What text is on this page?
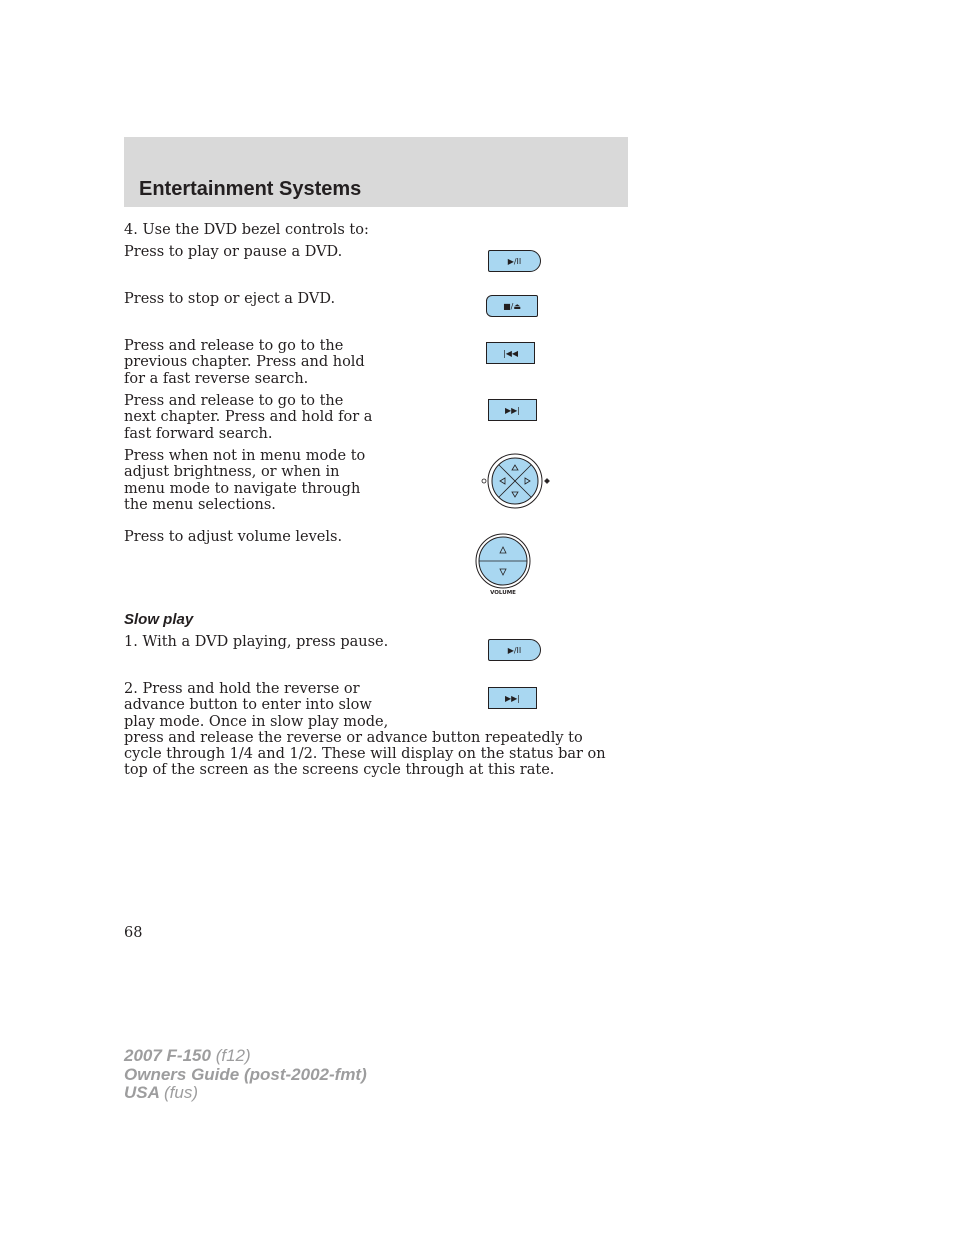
Entertainment Systems
4. Use the DVD bezel controls to:
Press to play or pause a DVD.
▶/II
Press to stop or eject a DVD.	■/⏏
Press and release to go to the previous chapter. Press and hold for a fast reverse search.
|◀◀
Press and release to go to the next chapter. Press and hold for a fast forward search.
▶▶|
Press when not in menu mode to adjust brightness, or when in menu mode to navigate through the menu selections.
Press to adjust volume levels.
VOLUME
Slow play
1. With a DVD playing, press pause.	▶/II
2. Press and hold the reverse or
advance button to enter into slow
play mode. Once in slow play mode,
press and release the reverse or advance button repeatedly to cycle through 1/4 and 1/2. These will display on the status bar on top of the screen as the screens cycle through at this rate.
▶▶|
68
2007 F-150 (f12)
Owners Guide (post-2002-fmt)
USA (fus)
